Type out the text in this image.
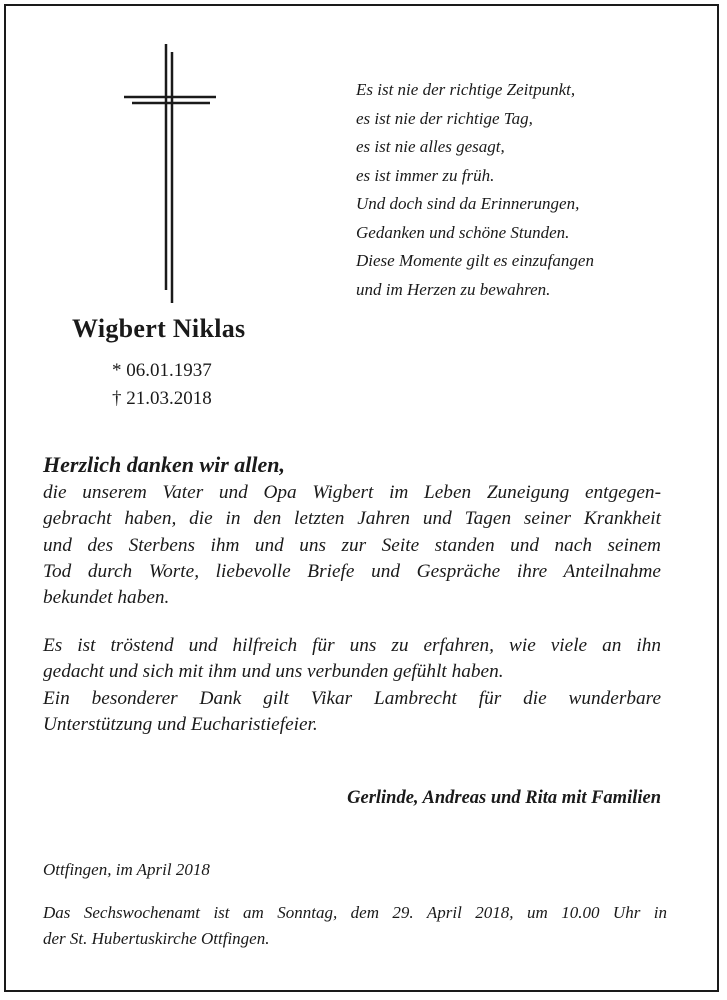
Es ist nie der richtige Zeitpunkt,
es ist nie der richtige Tag,
es ist nie alles gesagt,
es ist immer zu früh.
Und doch sind da Erinnerungen,
Gedanken und schöne Stunden.
Diese Momente gilt es einzufangen
und im Herzen zu bewahren.
Wigbert Niklas
* 06.01.1937
† 21.03.2018
Herzlich danken wir allen,
die unserem Vater und Opa Wigbert im Leben Zuneigung entgegen-
gebracht haben, die in den letzten Jahren und Tagen seiner Krankheit
und des Sterbens ihm und uns zur Seite standen und nach seinem
Tod durch Worte, liebevolle Briefe und Gespräche ihre Anteilnahme
bekundet haben.
Es ist tröstend und hilfreich für uns zu erfahren, wie viele an ihn
gedacht und sich mit ihm und uns verbunden gefühlt haben.
Ein besonderer Dank gilt Vikar Lambrecht für die wunderbare
Unterstützung und Eucharistiefeier.
Gerlinde, Andreas und Rita mit Familien
Ottfingen, im April 2018
Das Sechswochenamt ist am Sonntag, dem 29. April 2018, um 10.00 Uhr in
der St. Hubertuskirche Ottfingen.
